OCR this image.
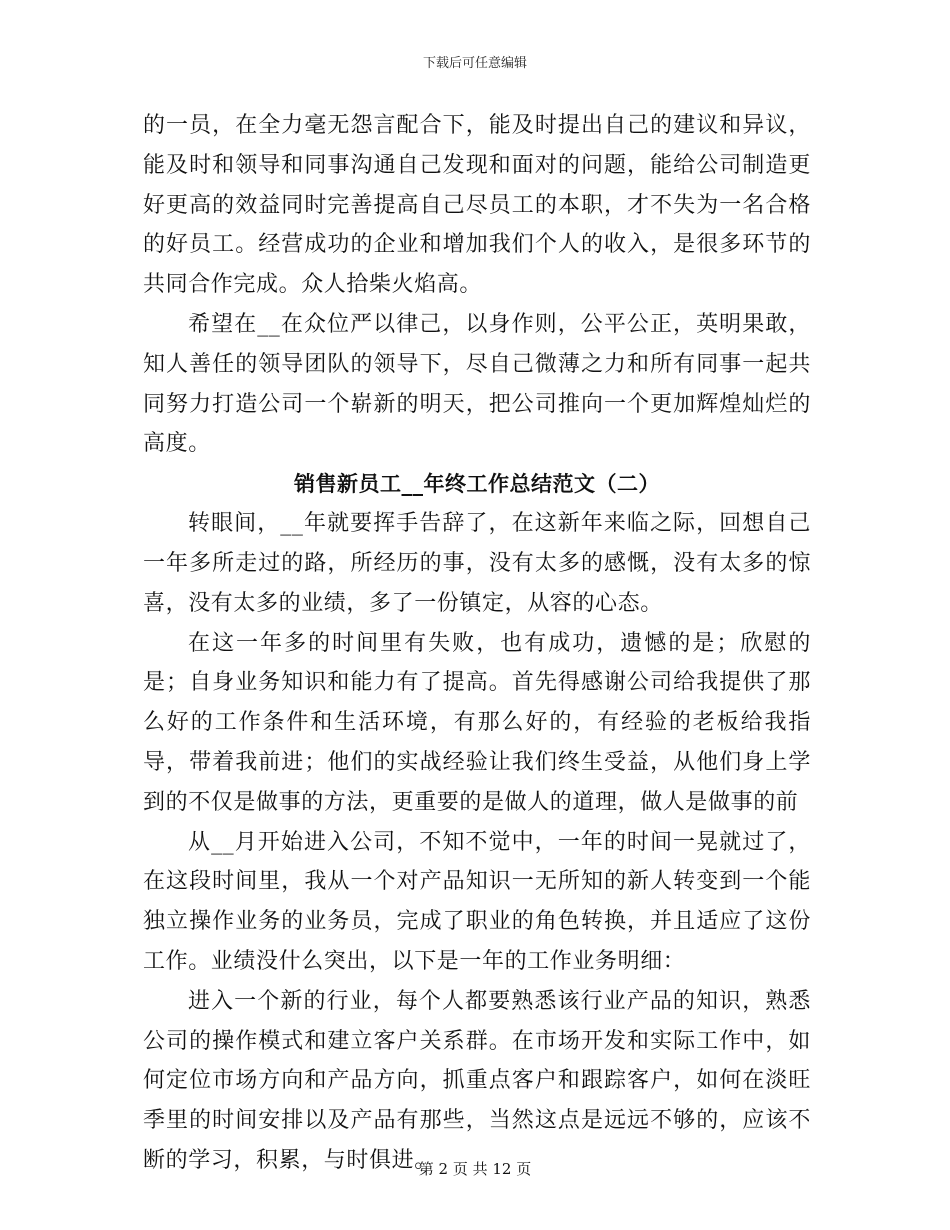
下载后可任意编辑

的一员，在全力毫无怨言配合下，能及时提出自己的建议和异议，能及时和领导和同事沟通自己发现和面对的问题，能给公司制造更好更高的效益同时完善提高自己尽员工的本职，才不失为一名合格的好员工。经营成功的企业和增加我们个人的收入，是很多环节的共同合作完成。众人拾柴火焰高。

希望在__在众位严以律己，以身作则，公平公正，英明果敢，知人善任的领导团队的领导下，尽自己微薄之力和所有同事一起共同努力打造公司一个崭新的明天，把公司推向一个更加辉煌灿烂的高度。

销售新员工__年终工作总结范文（二）

转眼间，__年就要挥手告辞了，在这新年来临之际，回想自己一年多所走过的路，所经历的事，没有太多的感慨，没有太多的惊喜，没有太多的业绩，多了一份镇定，从容的心态。

在这一年多的时间里有失败，也有成功，遗憾的是；欣慰的是；自身业务知识和能力有了提高。首先得感谢公司给我提供了那么好的工作条件和生活环境，有那么好的，有经验的老板给我指导，带着我前进；他们的实战经验让我们终生受益，从他们身上学到的不仅是做事的方法，更重要的是做人的道理，做人是做事的前

从__月开始进入公司，不知不觉中，一年的时间一晃就过了，在这段时间里，我从一个对产品知识一无所知的新人转变到一个能独立操作业务的业务员，完成了职业的角色转换，并且适应了这份工作。业绩没什么突出，以下是一年的工作业务明细：

进入一个新的行业，每个人都要熟悉该行业产品的知识，熟悉公司的操作模式和建立客户关系群。在市场开发和实际工作中，如何定位市场方向和产品方向，抓重点客户和跟踪客户，如何在淡旺季里的时间安排以及产品有那些，当然这点是远远不够的，应该不断的学习，积累，与时俱进。

第 2 页 共 12 页
